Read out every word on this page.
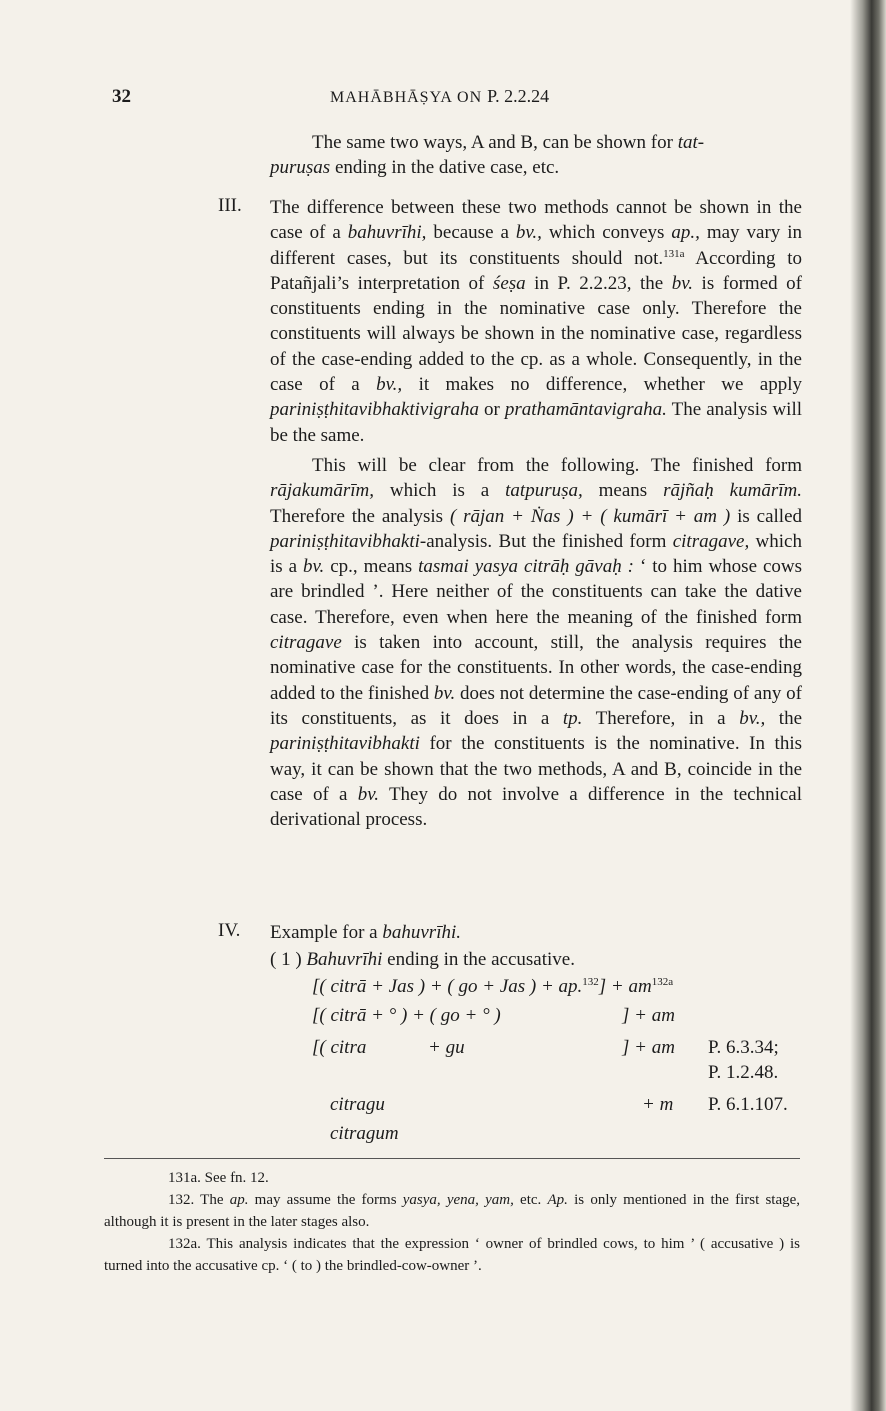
32	MAHĀBHĀṢYA ON P. 2.2.24
The same two ways, A and B, can be shown for tat-
puruṣas ending in the dative case, etc.
III. The difference between these two methods cannot be shown in the case of a bahuvrīhi, because a bv., which conveys ap., may vary in different cases, but its constituents should not.$^{131a}$ According to Patañjali’s interpretation of śeṣa in P. 2.2.23, the bv. is formed of constituents ending in the nominative case only. Therefore the constituents will always be shown in the nominative case, regardless of the case-ending added to the cp. as a whole. Consequently, in the case of a bv., it makes no difference, whether we apply pariniṣṭhitavibhaktivigraha or prathamāntavigraha. The analysis will be the same.

This will be clear from the following. The finished form rājakumārīm, which is a tatpuruṣa, means rājñaḥ kumārīm. Therefore the analysis ( rājan + Ṅas ) + ( kumārī + am ) is called pariniṣṭhitavibhakti-analysis. But the finished form citragave, which is a bv. cp., means tasmai yasya citrāḥ gāvaḥ : ‘ to him whose cows are brindled ’. Here neither of the constituents can take the dative case. Therefore, even when here the meaning of the finished form citragave is taken into account, still, the analysis requires the nominative case for the constituents. In other words, the case-ending added to the finished bv. does not determine the case-ending of any of its constituents, as it does in a tp. Therefore, in a bv., the pariniṣṭhitavibhakti for the constituents is the nominative. In this way, it can be shown that the two methods, A and B, coincide in the case of a bv. They do not involve a difference in the technical derivational process.

IV. Example for a bahuvrīhi.
( 1 ) Bahuvrīhi ending in the accusative.
[( citrā + Jas ) + ( go + Jas ) + $ap.^{132}] + am^{132a}$
[( citrā + ° ) + ( go + ° )	] + am
[( citra	+ gu	] + am P. 6.3.34;
P. 1.2.48.
citragu	+ m P. 6.1.107.
citragum

131a. See fn. 12.

132. The ap. may assume the forms yasya, yena, yam, etc. Ap. is only mentioned in the first stage, although it is present in the later stages also.

132a. This analysis indicates that the expression ‘ owner of brindled cows, to him ’ ( accusative ) is turned into the accusative cp. ‘ ( to ) the brindled-cow-owner ’.
